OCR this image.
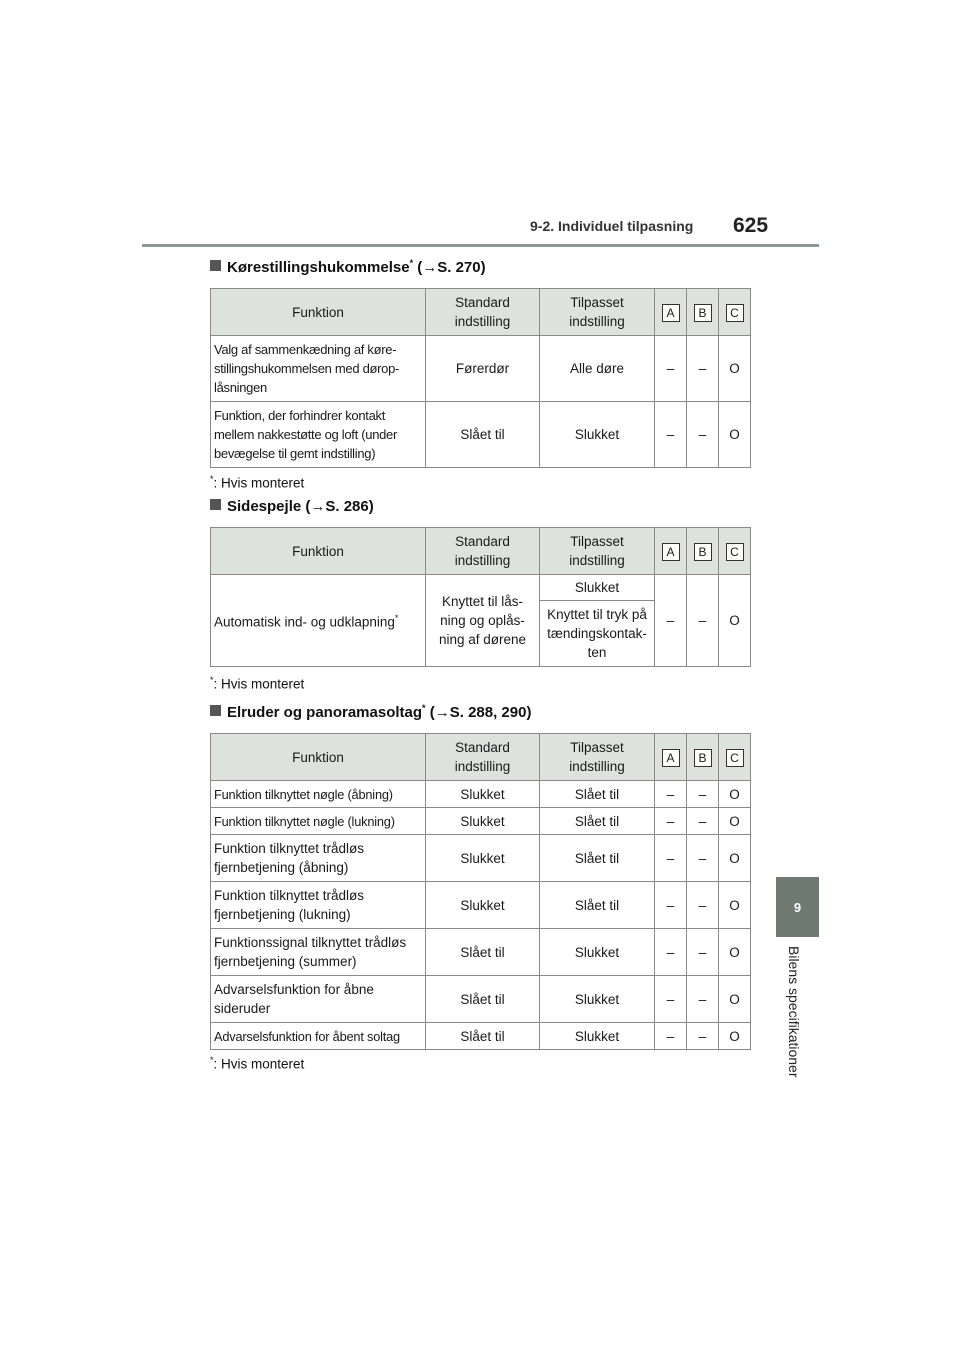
9-2. Individuel tilpasning 625
9
Bilens specifikationer
Kørestillingshukommelse* (→S. 270)
Funktion	Standard
indstilling	Tilpasset
indstilling	A	B	C
Valg af sammenkædning af køre-
stillingshukommelsen med dørop-
låsningen	Førerdør	Alle døre	–	–	O
Funktion, der forhindrer kontakt
mellem nakkestøtte og loft (under
bevægelse til gemt indstilling)	Slået til	Slukket	–	–	O
*: Hvis monteret
Sidespejle (→S. 286)
Funktion	Standard
indstilling	Tilpasset
indstilling	A	B	C
Automatisk ind- og udklapning*	Knyttet til lås-
ning og oplås-
ning af dørene	Slukket	–	–	O
		Knyttet til tryk på
tændingskontak-
ten			
*: Hvis monteret
Elruder og panoramasoltag* (→S. 288, 290)
Funktion	Standard
indstilling	Tilpasset
indstilling	A	B	C
Funktion tilknyttet nøgle (åbning)	Slukket	Slået til	–	–	O
Funktion tilknyttet nøgle (lukning)	Slukket	Slået til	–	–	O
Funktion tilknyttet trådløs
fjernbetjening (åbning)	Slukket	Slået til	–	–	O
Funktion tilknyttet trådløs
fjernbetjening (lukning)	Slukket	Slået til	–	–	O
Funktionssignal tilknyttet trådløs
fjernbetjening (summer)	Slået til	Slukket	–	–	O
Advarselsfunktion for åbne
sideruder	Slået til	Slukket	–	–	O
Advarselsfunktion for åbent soltag	Slået til	Slukket	–	–	O
*: Hvis monteret
